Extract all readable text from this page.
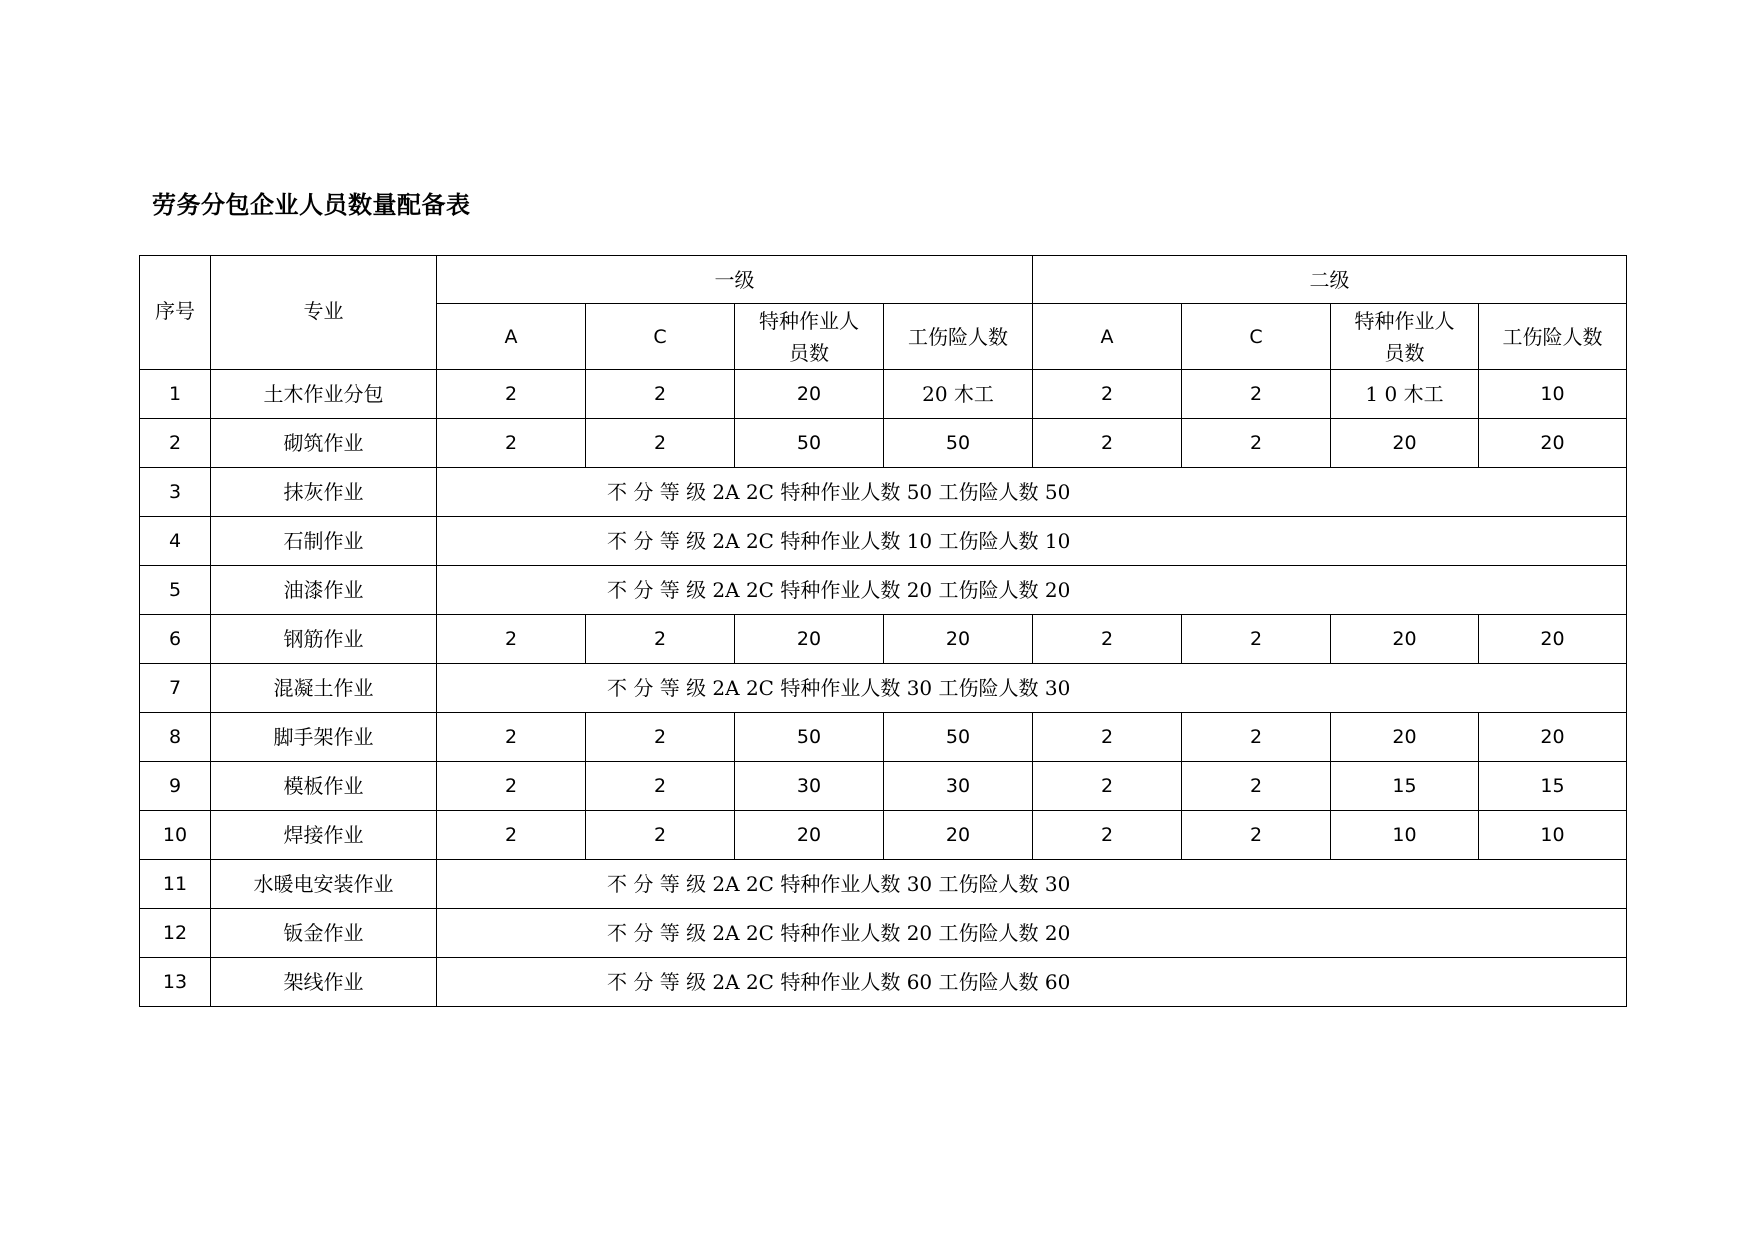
劳务分包企业人员数量配备表
序号	专业	一级				二级			
		A	C	特种作业人员数	工伤险人数	A	C	特种作业人员数	工伤险人数
1	土木作业分包	2	2	20	20 木工	2	2	1 0 木工	10
2	砌筑作业	2	2	50	50	2	2	20	20
3	抹灰作业	不 分 等 级 2A 2C 特种作业人数 50 工伤险人数 50							
4	石制作业	不 分 等 级 2A 2C 特种作业人数 10 工伤险人数 10							
5	油漆作业	不 分 等 级 2A 2C 特种作业人数 20 工伤险人数 20							
6	钢筋作业	2	2	20	20	2	2	20	20
7	混凝土作业	不 分 等 级 2A 2C 特种作业人数 30 工伤险人数 30							
8	脚手架作业	2	2	50	50	2	2	20	20
9	模板作业	2	2	30	30	2	2	15	15
10	焊接作业	2	2	20	20	2	2	10	10
11	水暖电安装作业	不 分 等 级 2A 2C 特种作业人数 30 工伤险人数 30							
12	钣金作业	不 分 等 级 2A 2C 特种作业人数 20 工伤险人数 20							
13	架线作业	不 分 等 级 2A 2C 特种作业人数 60 工伤险人数 60							
